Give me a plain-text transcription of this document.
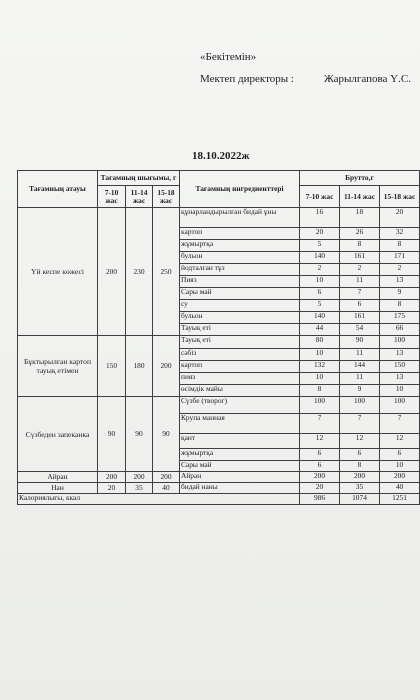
«Бекітемін»
Мектеп директоры :	Жарылгапова Ү.С.
18.10.2022ж
Тағамның атауы	Тағамның шығымы, г			Тағамның ингредиенттері	Брутто,г		
	7-10 жас	11-14 жас	15-18 жас		7-10 жас	11-14 жас	15-18 жас
Үй кеспе көжесі	200	230	250	құнарландырылған бидай ұны	16	18	20
				картоп	20	26	32
				жұмыртқа	5	8	8
				бульон	140	161	171
				йодталған тұз	2	2	2
				Пияз	10	11	13
				Сары май	6	7	9
				су	5	6	8
				бульон	140	161	175
				Тауық еті	44	54	66
Бұктырылған картоп тауық етімен	150	180	200	Тауық еті	80	90	100
				сәбіз	10	11	13
				картоп	132	144	150
				пияз	10	11	13
				өсімдік майы	8	9	10
Сүзбеден запеканка	90	90	90	Сүзбе (творог)	100	100	100
				Крупа манная	7	7	7
				қант	12	12	12
				жұмыртқа	6	6	6
				Сары май	6	8	10
Айран	200	200	200	Айран	200	200	200
Нан	20	35	40	бидай наны	20	35	40
Калориялығы, ккал					986	1074	1251
